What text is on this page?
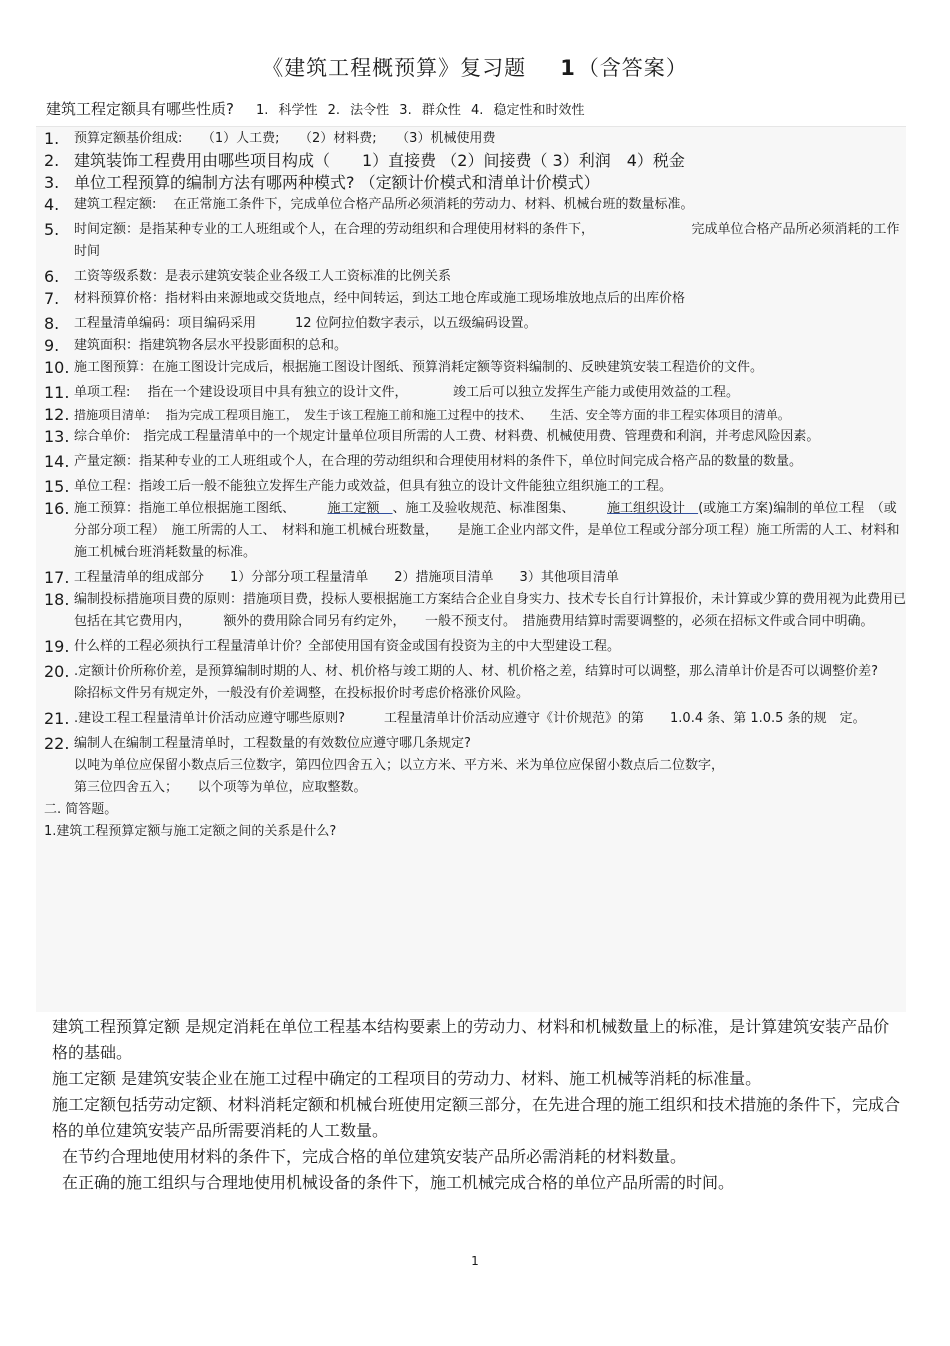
《建筑工程概预算》复习题 1（含答案）
建筑工程定额具有哪些性质? 1. 科学性 2. 法令性 3. 群众性 4. 稳定性和时效性
1.	预算定额基价组成:　　（1）人工费;　　（2）材料费;　　（3）机械使用费
2. 建筑装饰工程费用由哪些项目构成（　　1）直接费 （2）间接费（ 3）利润　4）税金
3. 单位工程预算的编制方法有哪两种模式? （定额计价模式和清单计价模式）
4.	建筑工程定额:　 在正常施工条件下，完成单位合格产品所必须消耗的劳动力、材料、机械台班的数量标准。
5.	时间定额：是指某种专业的工人班组或个人，在合理的劳动组织和合理使用材料的条件下，　　　　　　　　完成单位合格产品所必须消耗的工作时间
6.	工资等级系数：是表示建筑安装企业各级工人工资标准的比例关系
7.	材料预算价格：指材料由来源地或交货地点，经中间转运，到达工地仓库或施工现场堆放地点后的出库价格
8.	工程量清单编码：项目编码采用　　　12 位阿拉伯数字表示，以五级编码设置。
9.	建筑面积：指建筑物各层水平投影面积的总和。
10. 施工图预算：在施工图设计完成后，根据施工图设计图纸、预算消耗定额等资料编制的、反映建筑安装工程造价的文件。
11. 单项工程:　 指在一个建设设项目中具有独立的设计文件，　　　　竣工后可以独立发挥生产能力或使用效益的工程。
12. 措施项目清单:　 指为完成工程项目施工，　发生于该工程施工前和施工过程中的技术、　　生活、安全等方面的非工程实体项目的清单。
13. 综合单价:　指完成工程量清单中的一个规定计量单位项目所需的人工费、材料费、机械使用费、管理费和利润，并考虑风险因素。
14. 产量定额：指某种专业的工人班组或个人，在合理的劳动组织和合理使用材料的条件下，单位时间完成合格产品的数量的数量。
15. 单位工程：指竣工后一般不能独立发挥生产能力或效益，但具有独立的设计文件能独立组织施工的工程。
16. 施工预算：指施工单位根据施工图纸、　　　施工定额　、施工及验收规范、标准图集、　　　施工组织设计　(或施工方案)编制的单位工程　（或分部分项工程）　施工所需的人工、　材料和施工机械台班数量，　　是施工企业内部文件，是单位工程或分部分项工程）施工所需的人工、材料和施工机械台班消耗数量的标准。
17. 工程量清单的组成部分　　1）分部分项工程量清单　　2）措施项目清单　　3）其他项目清单
18. 编制投标措施项目费的原则：措施项目费，投标人要根据施工方案结合企业自身实力、技术专长自行计算报价，未计算或少算的费用视为此费用已包括在其它费用内，　　　额外的费用除合同另有约定外，　　一般不预支付。　措施费用结算时需要调整的，必须在招标文件或合同中明确。
19. 什么样的工程必须执行工程量清单计价？全部使用国有资金或国有投资为主的中大型建设工程。
20. .定额计价所称价差，是预算编制时期的人、材、机价格与竣工期的人、材、机价格之差，结算时可以调整，那么清单计价是否可以调整价差?　　　　除招标文件另有规定外，一般没有价差调整，在投标报价时考虑价格涨价风险。
21. .建设工程工程量清单计价活动应遵守哪些原则?　　　工程量清单计价活动应遵守《计价规范》的第　　1.0.4 条、第 1.0.5 条的规　定。
22. 编制人在编制工程量清单时，工程数量的有效数位应遵守哪几条规定?
以吨为单位应保留小数点后三位数字，第四位四舍五入；以立方米、平方米、米为单位应保留小数点后二位数字，
第三位四舍五入；　　以个项等为单位，应取整数。
二. 简答题。
1.建筑工程预算定额与施工定额之间的关系是什么?

建筑工程预算定额 是规定消耗在单位工程基本结构要素上的劳动力、材料和机械数量上的标准，是计算建筑安装产品价格的基础。

施工定额 是建筑安装企业在施工过程中确定的工程项目的劳动力、材料、施工机械等消耗的标准量。

施工定额包括劳动定额、材料消耗定额和机械台班使用定额三部分，在先进合理的施工组织和技术措施的条件下，完成合格的单位建筑安装产品所需要消耗的人工数量。

在节约合理地使用材料的条件下，完成合格的单位建筑安装产品所必需消耗的材料数量。

在正确的施工组织与合理地使用机械设备的条件下，施工机械完成合格的单位产品所需的时间。

1
